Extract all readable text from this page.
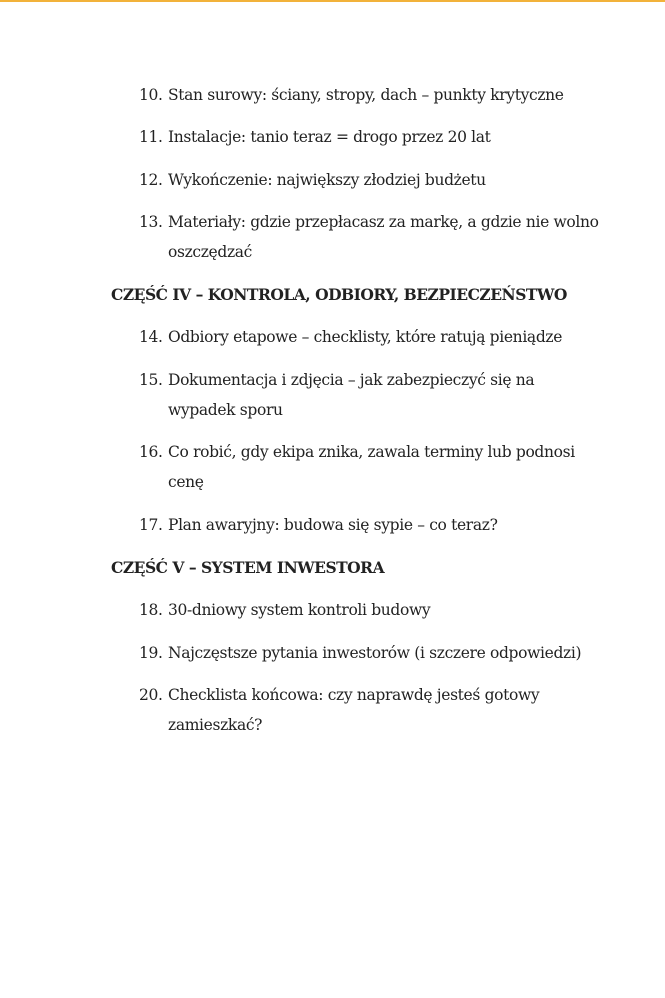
10. Stan surowy: ściany, stropy, dach – punkty krytyczne
11. Instalacje: tanio teraz = drogo przez 20 lat
12. Wykończenie: największy złodziej budżetu
13. Materiały: gdzie przepłacasz za markę, a gdzie nie wolno oszczędzać
CZĘŚĆ IV – KONTROLA, ODBIORY, BEZPIECZEŃSTWO
14. Odbiory etapowe – checklisty, które ratują pieniądze
15. Dokumentacja i zdjęcia – jak zabezpieczyć się na wypadek sporu
16. Co robić, gdy ekipa znika, zawala terminy lub podnosi cenę
17. Plan awaryjny: budowa się sypie – co teraz?
CZĘŚĆ V – SYSTEM INWESTORA
18. 30-dniowy system kontroli budowy
19. Najczęstsze pytania inwestorów (i szczere odpowiedzi)
20. Checklista końcowa: czy naprawdę jesteś gotowy zamieszkać?
